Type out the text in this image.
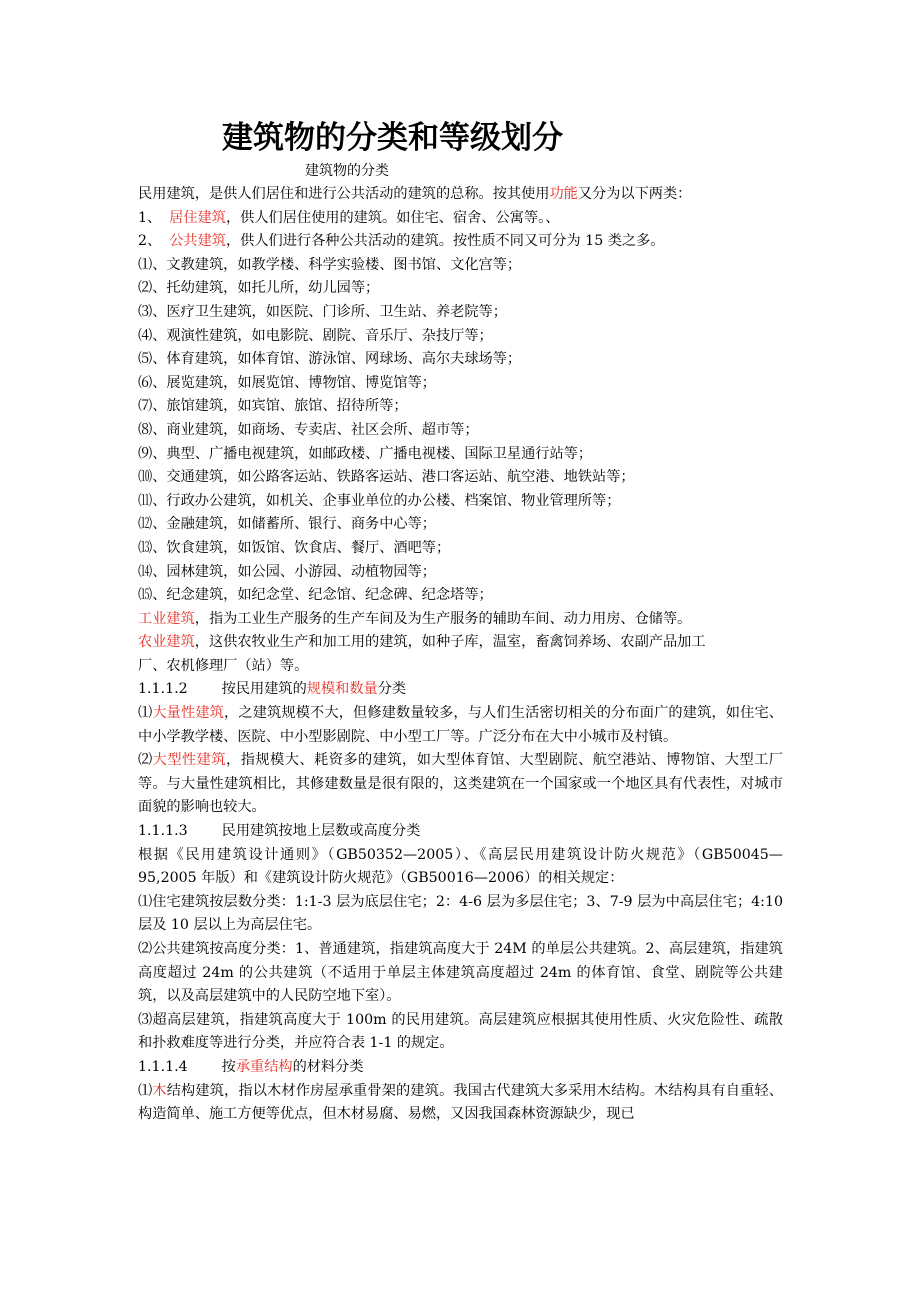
建筑物的分类和等级划分
建筑物的分类
民用建筑，是供人们居住和进行公共活动的建筑的总称。按其使用功能又分为以下两类：
1、 居住建筑，供人们居住使用的建筑。如住宅、宿舍、公寓等。、
2、 公共建筑，供人们进行各种公共活动的建筑。按性质不同又可分为 15 类之多。
⑴、文教建筑，如教学楼、科学实验楼、图书馆、文化宫等；
⑵、托幼建筑，如托儿所，幼儿园等；
⑶、医疗卫生建筑，如医院、门诊所、卫生站、养老院等；
⑷、观演性建筑，如电影院、剧院、音乐厅、杂技厅等；
⑸、体育建筑，如体育馆、游泳馆、网球场、高尔夫球场等；
⑹、展览建筑，如展览馆、博物馆、博览馆等；
⑺、旅馆建筑，如宾馆、旅馆、招待所等；
⑻、商业建筑，如商场、专卖店、社区会所、超市等；
⑼、典型、广播电视建筑，如邮政楼、广播电视楼、国际卫星通行站等；
⑽、交通建筑，如公路客运站、铁路客运站、港口客运站、航空港、地铁站等；
⑾、行政办公建筑，如机关、企事业单位的办公楼、档案馆、物业管理所等；
⑿、金融建筑，如储蓄所、银行、商务中心等；
⒀、饮食建筑，如饭馆、饮食店、餐厅、酒吧等；
⒁、园林建筑，如公园、小游园、动植物园等；
⒂、纪念建筑，如纪念堂、纪念馆、纪念碑、纪念塔等；
工业建筑，指为工业生产服务的生产车间及为生产服务的辅助车间、动力用房、仓储等。
农业建筑，这供农牧业生产和加工用的建筑，如种子库，温室，畜禽饲养场、农副产品加工
厂、农机修理厂（站）等。
1.1.1.2 按民用建筑的规模和数量分类
⑴大量性建筑，之建筑规模不大，但修建数量较多，与人们生活密切相关的分布面广的建筑，如住宅、中小学教学楼、医院、中小型影剧院、中小型工厂等。广泛分布在大中小城市及村镇。
⑵大型性建筑，指规模大、耗资多的建筑，如大型体育馆、大型剧院、航空港站、博物馆、大型工厂等。与大量性建筑相比，其修建数量是很有限的，这类建筑在一个国家或一个地区具有代表性，对城市面貌的影响也较大。
1.1.1.3 民用建筑按地上层数或高度分类
根据《民用建筑设计通则》（GB50352—2005）、《高层民用建筑设计防火规范》（GB50045—95,2005 年版）和《建筑设计防火规范》（GB50016—2006）的相关规定：
⑴住宅建筑按层数分类：1:1-3 层为底层住宅；2：4-6 层为多层住宅；3、7-9 层为中高层住宅；4:10 层及 10 层以上为高层住宅。
⑵公共建筑按高度分类：1、普通建筑，指建筑高度大于 24M 的单层公共建筑。2、高层建筑，指建筑高度超过 24m 的公共建筑（不适用于单层主体建筑高度超过 24m 的体育馆、食堂、剧院等公共建筑，以及高层建筑中的人民防空地下室）。
⑶超高层建筑，指建筑高度大于 100m 的民用建筑。高层建筑应根据其使用性质、火灾危险性、疏散和扑救难度等进行分类，并应符合表 1-1 的规定。
1.1.1.4 按承重结构的材料分类
⑴木结构建筑，指以木材作房屋承重骨架的建筑。我国古代建筑大多采用木结构。木结构具有自重轻、构造简单、施工方便等优点，但木材易腐、易燃，又因我国森林资源缺少，现已
